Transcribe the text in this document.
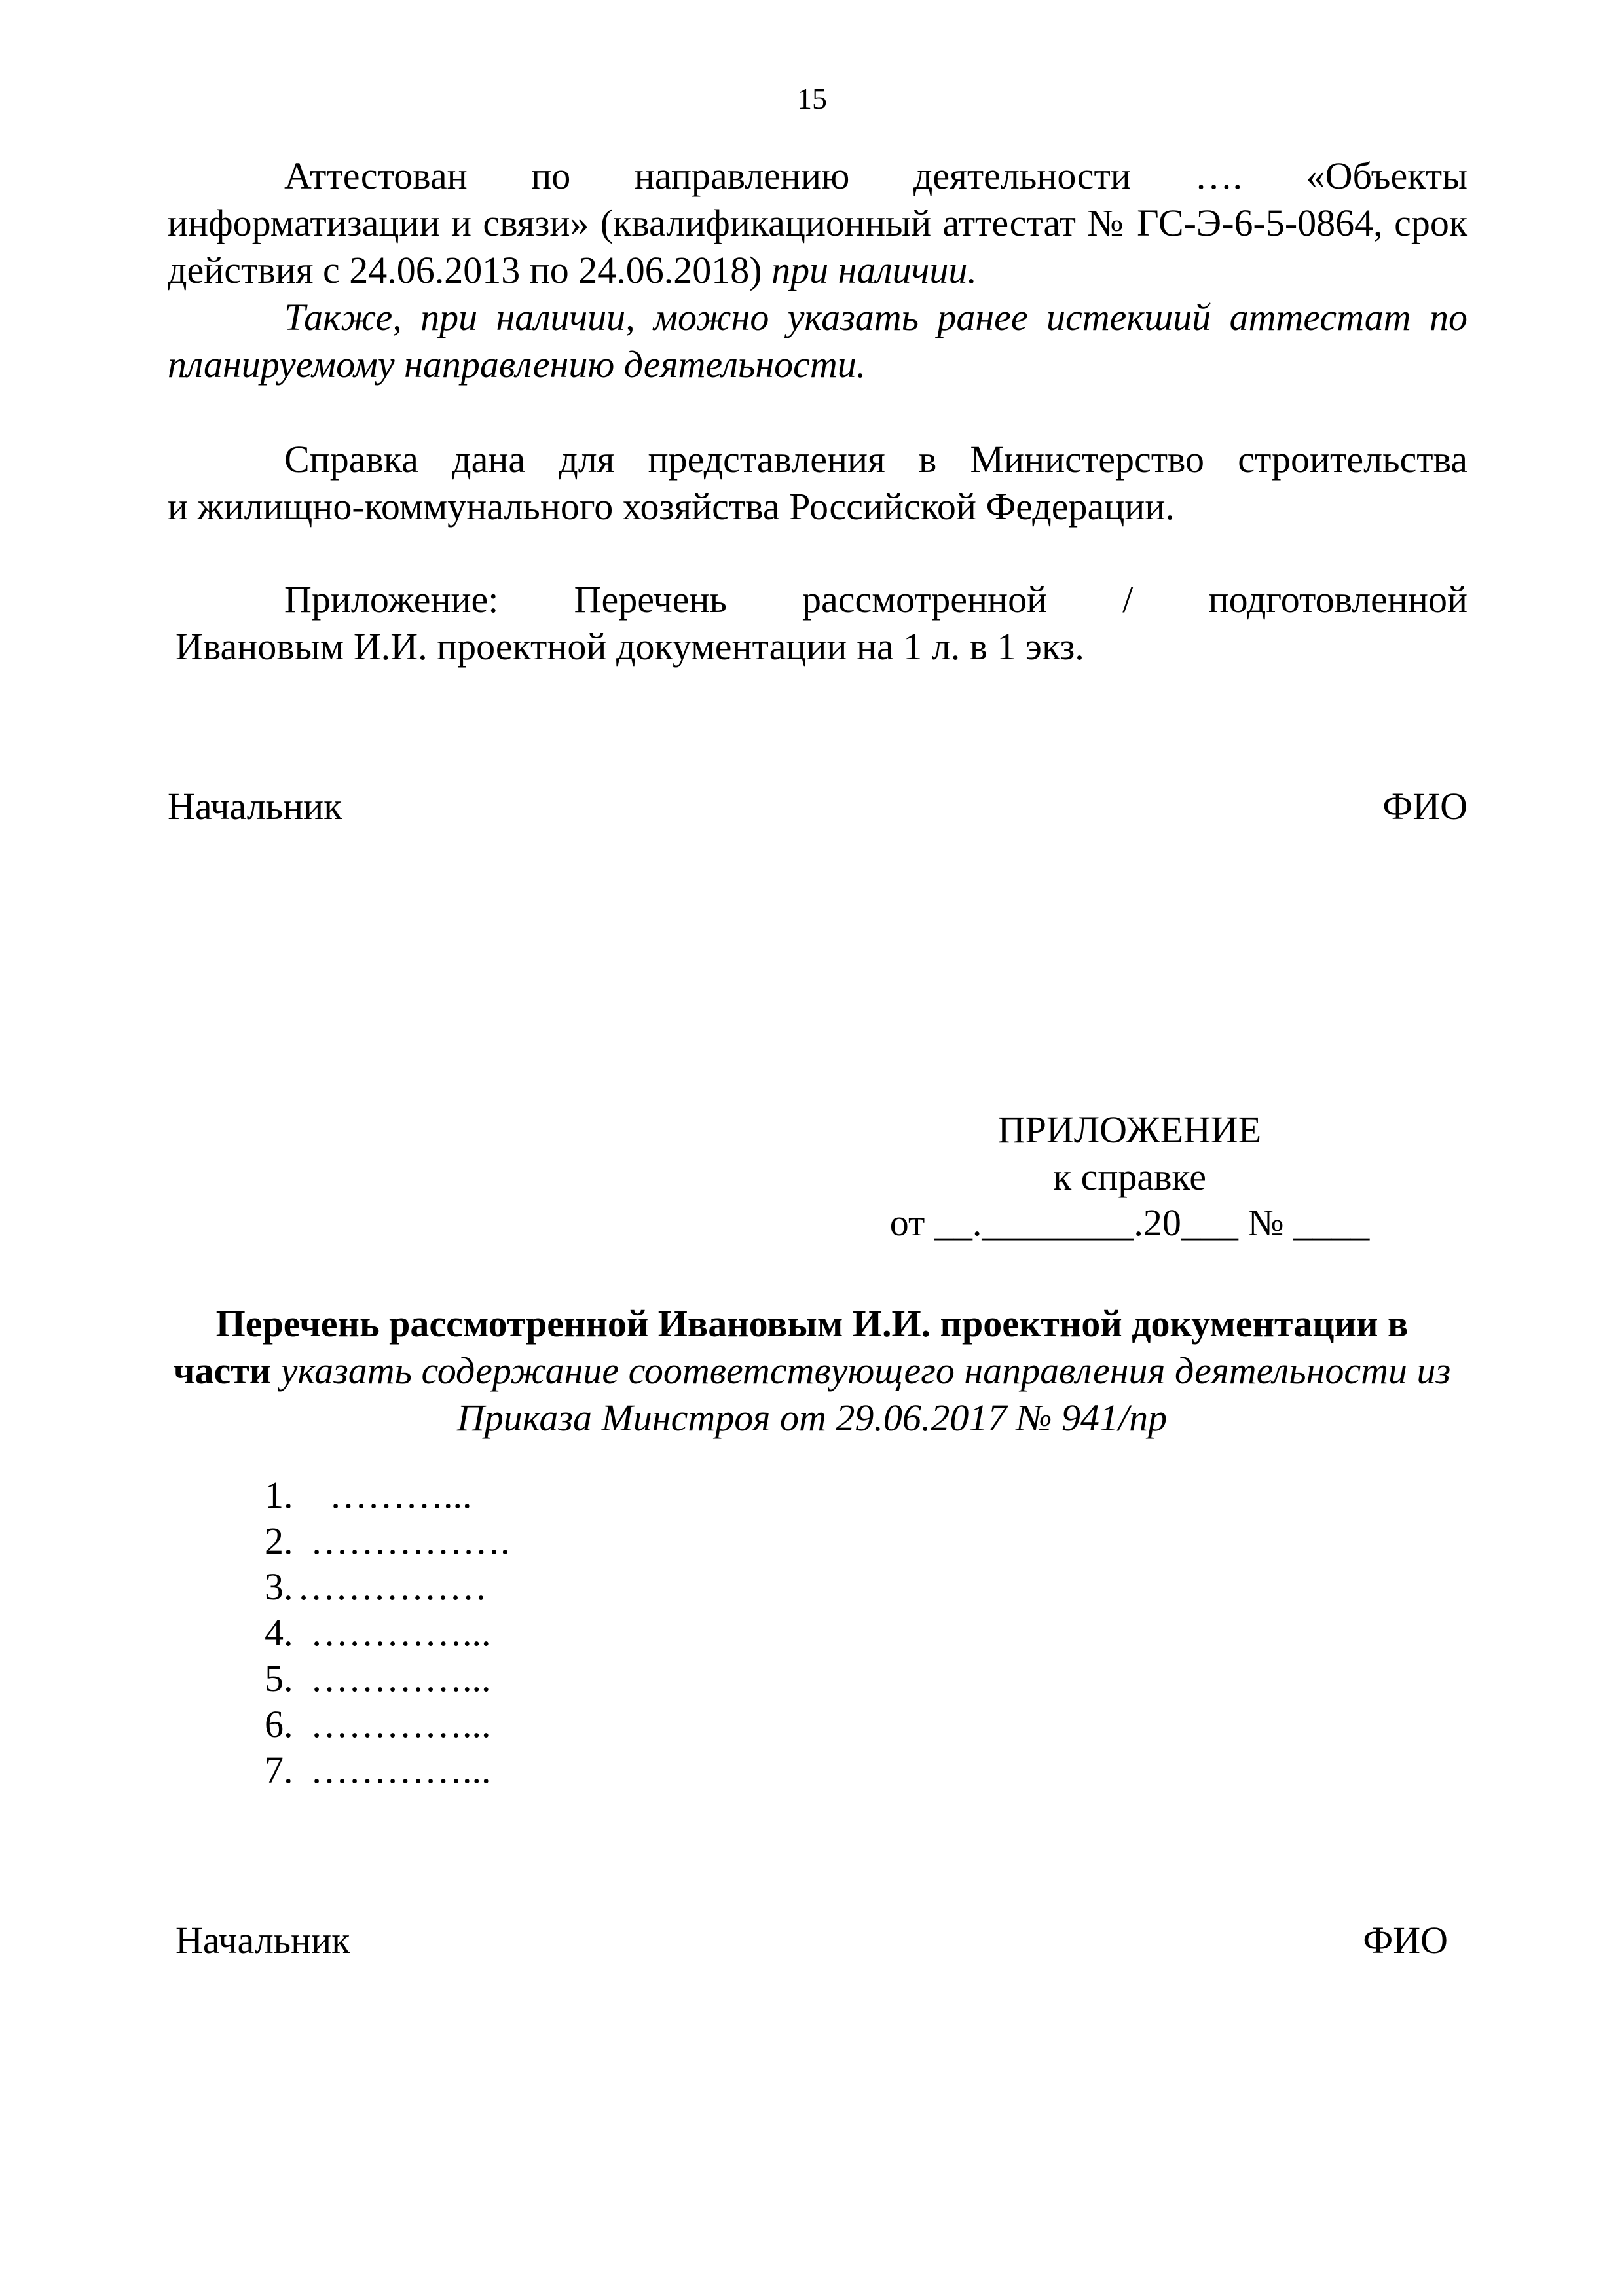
15
Аттестован по направлению деятельности …. «Объекты
информатизации и связи» (квалификационный аттестат № ГС-Э-6-5-0864, срок
действия с 24.06.2013 по 24.06.2018) при наличии.
Также, при наличии, можно указать ранее истекший аттестат по
планируемому направлению деятельности.
Справка дана для представления в Министерство строительства
и жилищно-коммунального хозяйства Российской Федерации.
Приложение: Перечень рассмотренной / подготовленной
Ивановым И.И. проектной документации на 1 л. в 1 экз.
Начальник	ФИО
ПРИЛОЖЕНИЕ
к справке
от __.________.20___ № ____
Перечень рассмотренной Ивановым И.И. проектной документации в
части указать содержание соответствующего направления деятельности из
Приказа Минстроя от 29.06.2017 № 941/пр
1.  ………...
2. …………….
3. ……………
4. …………...
5. …………...
6. …………...
7. …………...
Начальник	ФИО
